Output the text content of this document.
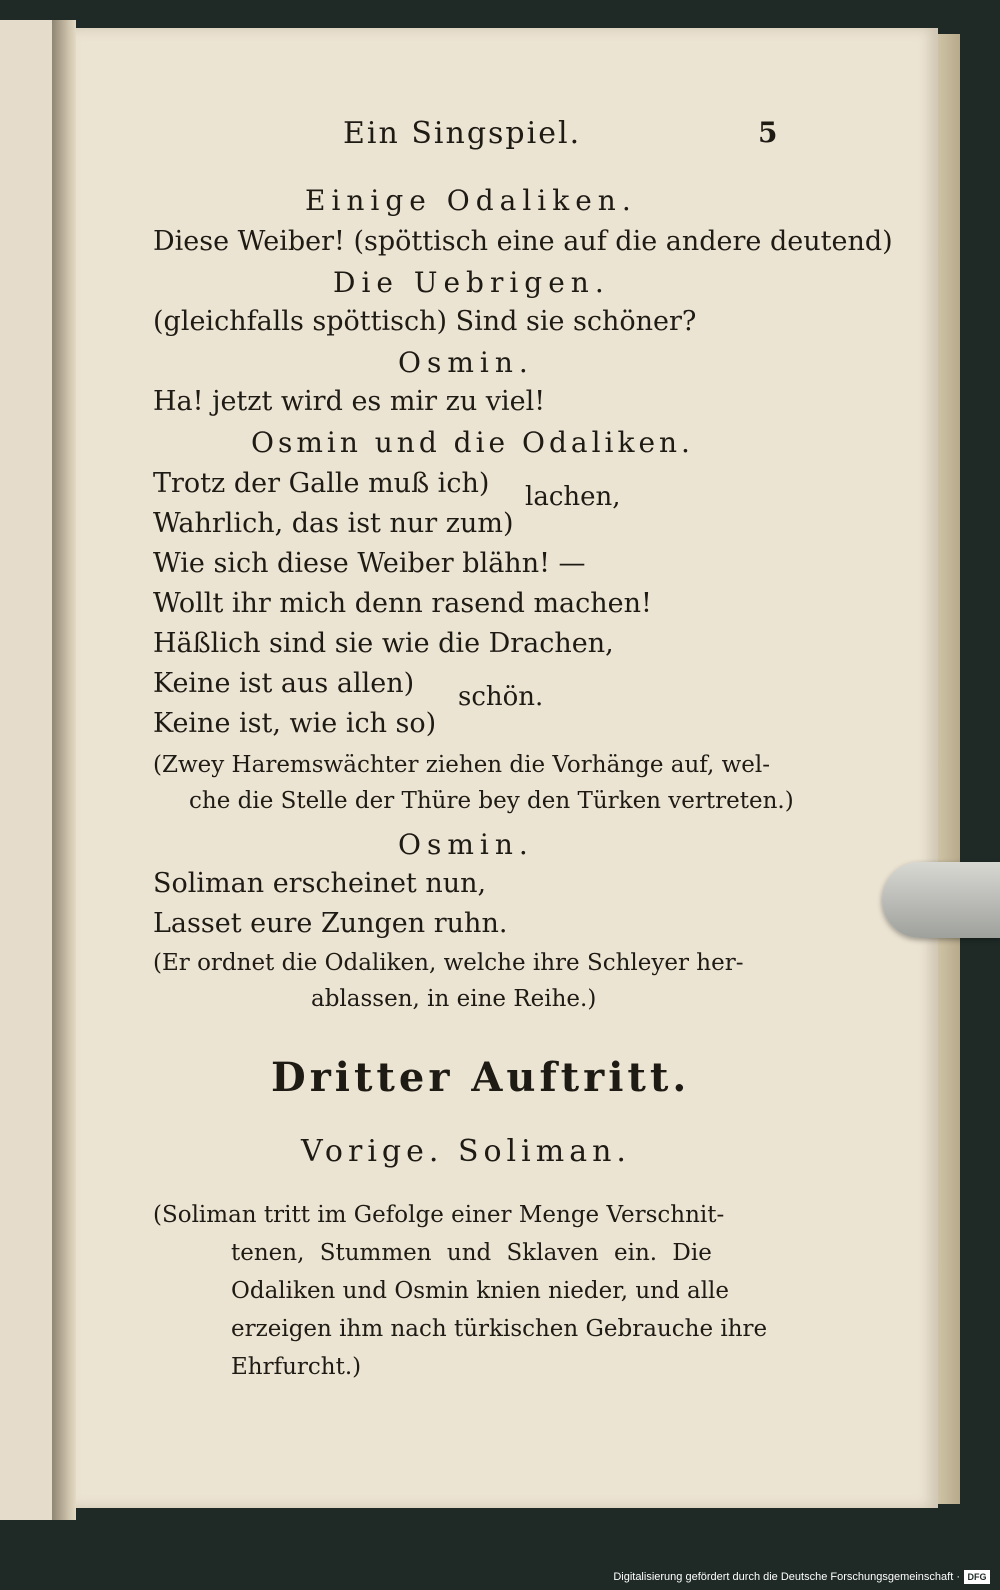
Ein Singspiel.	5
Einige Odaliken.
Diese Weiber! (spöttisch eine auf die andere deutend)
Die Uebrigen.
(gleichfalls spöttisch) Sind sie schöner?
Osmin.
Ha! jetzt wird es mir zu viel!
Osmin und die Odaliken.
Trotz der Galle muß ich) lachen,
Wahrlich, das ist nur zum)
Wie sich diese Weiber blähn! —
Wollt ihr mich denn rasend machen!
Häßlich sind sie wie die Drachen,
Keine ist aus allen) schön.
Keine ist, wie ich so)
(Zwey Haremswächter ziehen die Vorhänge auf, wel-
che die Stelle der Thüre bey den Türken vertreten.)
Osmin.
Soliman erscheinet nun,
Lasset eure Zungen ruhn.
(Er ordnet die Odaliken, welche ihre Schleyer her-
ablassen, in eine Reihe.)
Dritter Auftritt.
Vorige. Soliman.
(Soliman tritt im Gefolge einer Menge Verschnit-
tenen, Stummen und Sklaven ein. Die
Odaliken und Osmin knien nieder, und alle
erzeigen ihm nach türkischen Gebrauche ihre
Ehrfurcht.)
Digitalisierung gefördert durch die Deutsche Forschungsgemeinschaft · DFG
